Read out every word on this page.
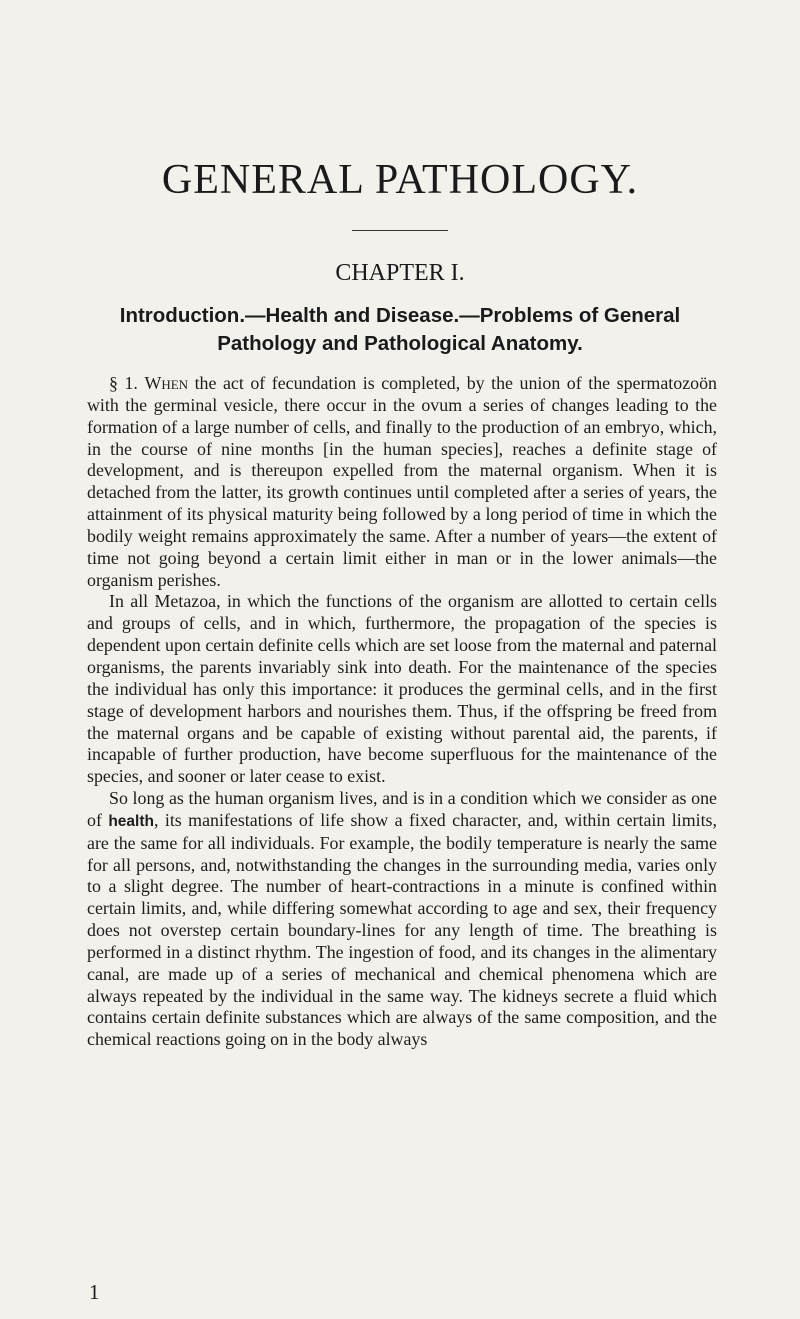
GENERAL PATHOLOGY.
CHAPTER I.
Introduction.—Health and Disease.—Problems of General Pathology and Pathological Anatomy.

§ 1. When the act of fecundation is completed, by the union of the spermatozoön with the germinal vesicle, there occur in the ovum a series of changes leading to the formation of a large number of cells, and finally to the production of an embryo, which, in the course of nine months [in the human species], reaches a definite stage of development, and is thereupon expelled from the maternal organism. When it is detached from the latter, its growth continues until completed after a series of years, the attainment of its physical maturity being followed by a long period of time in which the bodily weight remains approximately the same. After a number of years—the extent of time not going beyond a certain limit either in man or in the lower animals—the organism perishes.

In all Metazoa, in which the functions of the organism are allotted to certain cells and groups of cells, and in which, furthermore, the propagation of the species is dependent upon certain definite cells which are set loose from the maternal and paternal organisms, the parents invariably sink into death. For the maintenance of the species the individual has only this importance: it produces the germinal cells, and in the first stage of development harbors and nourishes them. Thus, if the offspring be freed from the maternal organs and be capable of existing without parental aid, the parents, if incapable of further production, have become superfluous for the maintenance of the species, and sooner or later cease to exist.

So long as the human organism lives, and is in a condition which we consider as one of health, its manifestations of life show a fixed character, and, within certain limits, are the same for all individuals. For example, the bodily temperature is nearly the same for all persons, and, notwithstanding the changes in the surrounding media, varies only to a slight degree. The number of heart-contractions in a minute is confined within certain limits, and, while differing somewhat according to age and sex, their frequency does not overstep certain boundary-lines for any length of time. The breathing is performed in a distinct rhythm. The ingestion of food, and its changes in the alimentary canal, are made up of a series of mechanical and chemical phenomena which are always repeated by the individual in the same way. The kidneys secrete a fluid which contains certain definite substances which are always of the same composition, and the chemical reactions going on in the body always

1
